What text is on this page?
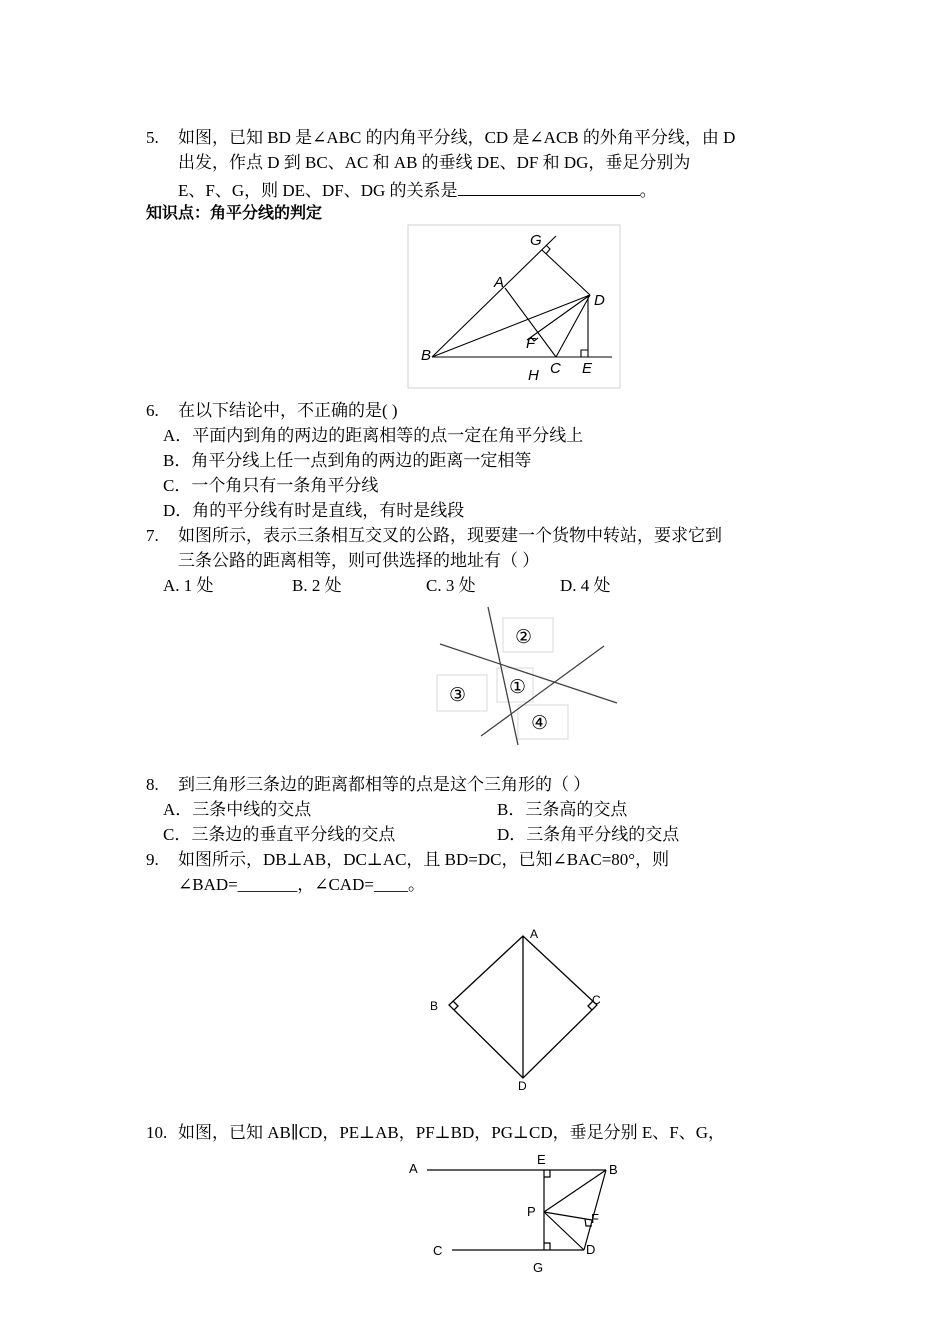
5. 如图，已知 BD 是∠ABC 的内角平分线，CD 是∠ACB 的外角平分线，由 D
出发，作点 D 到 BC、AC 和 AB 的垂线 DE、DF 和 DG，垂足分别为
E、F、G，则 DE、DF、DG 的关系是	。
知识点：角平分线的判定
G
A
D
F
B
C
H	E
6. 在以下结论中，不正确的是( )
A．平面内到角的两边的距离相等的点一定在角平分线上
B．角平分线上任一点到角的两边的距离一定相等
C．一个角只有一条角平分线
D．角的平分线有时是直线，有时是线段
7. 如图所示，表示三条相互交叉的公路，现要建一个货物中转站，要求它到
三条公路的距离相等，则可供选择的地址有（ ）
A. 1 处	B. 2 处	C. 3 处	D. 4 处
②
①
③
④
8. 到三角形三条边的距离都相等的点是这个三角形的（ ）
A．三条中线的交点	B．三条高的交点
C．三条边的垂直平分线的交点	D．三条角平分线的交点
9. 如图所示，DB⊥AB，DC⊥AC，且 BD=DC，已知∠BAC=80°，则
∠BAD=_______，∠CAD=____。
A
B	C
D
10. 如图，已知 AB∥CD，PE⊥AB，PF⊥BD，PG⊥CD，垂足分别 E、F、G，
A
E
B
P	F
C	D
G
